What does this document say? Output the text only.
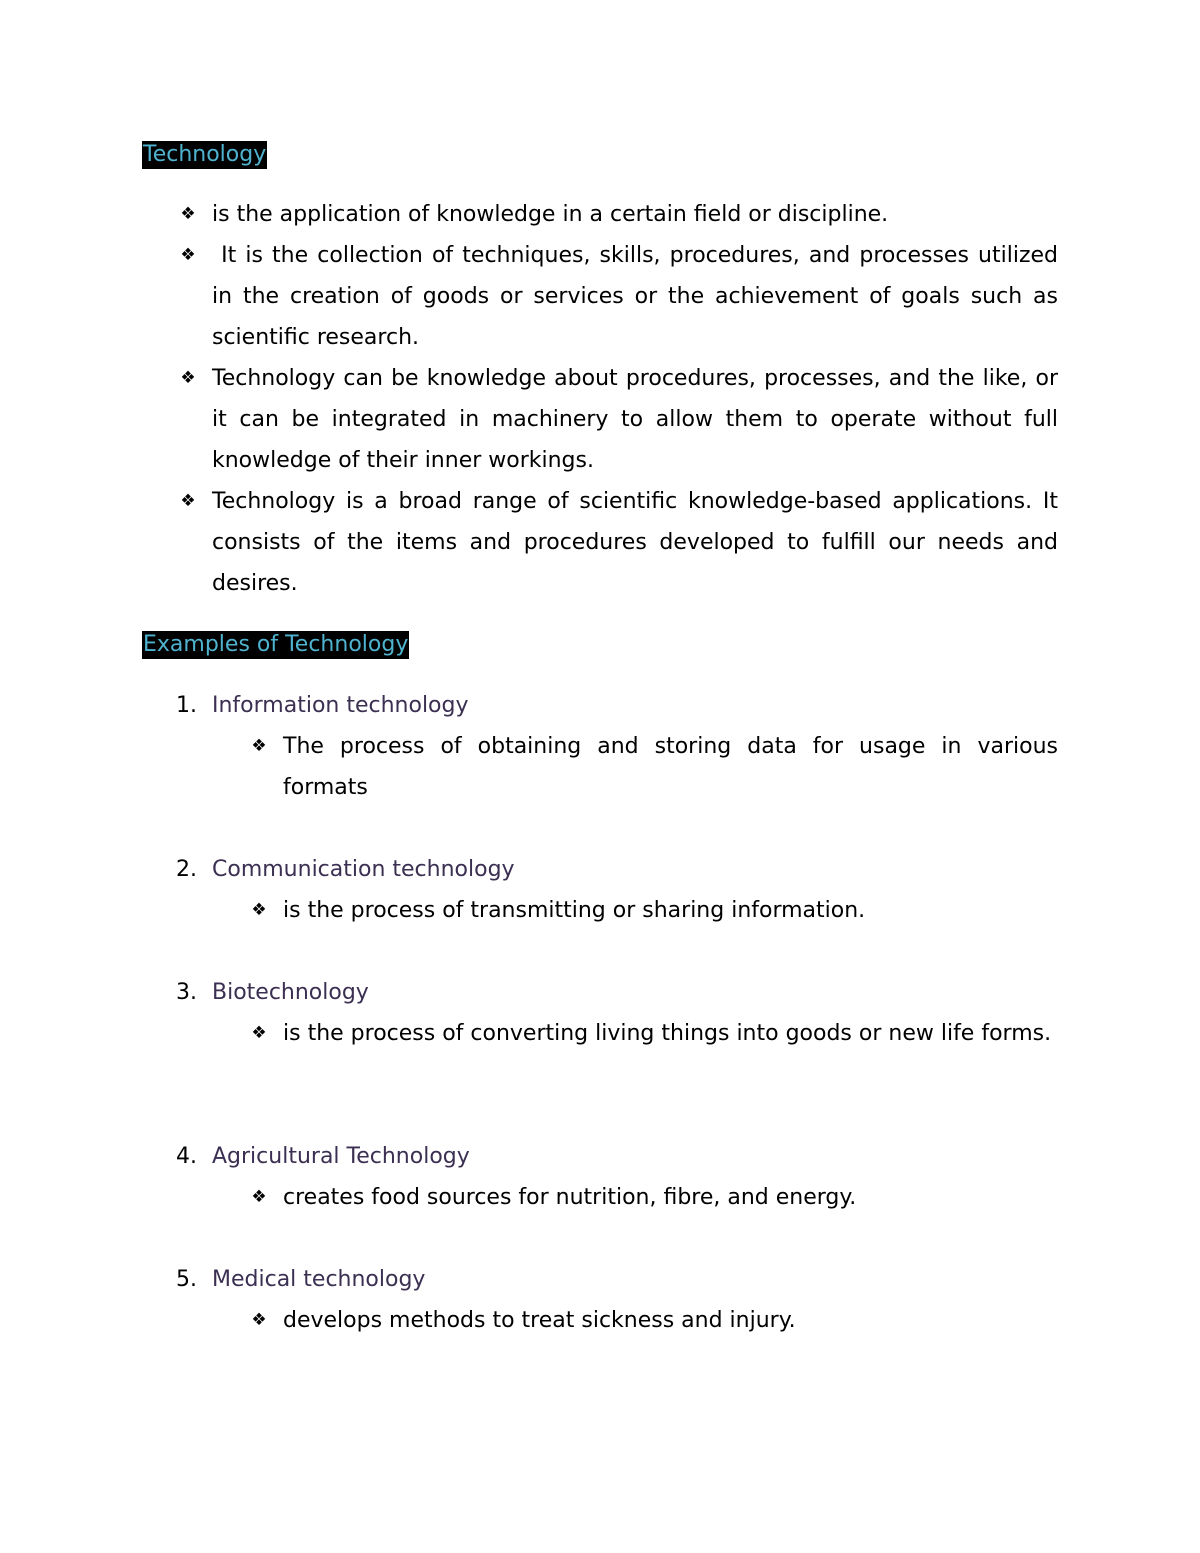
Technology
❖ is the application of knowledge in a certain field or discipline.
❖ It is the collection of techniques, skills, procedures, and processes utilized in the creation of goods or services or the achievement of goals such as scientific research.
❖ Technology can be knowledge about procedures, processes, and the like, or it can be integrated in machinery to allow them to operate without full knowledge of their inner workings.
❖ Technology is a broad range of scientific knowledge-based applications. It consists of the items and procedures developed to fulfill our needs and desires.
Examples of Technology
1. Information technology
❖ The process of obtaining and storing data for usage in various formats
2. Communication technology
❖ is the process of transmitting or sharing information.
3. Biotechnology
❖ is the process of converting living things into goods or new life forms.
4. Agricultural Technology
❖ creates food sources for nutrition, fibre, and energy.
5. Medical technology
❖ develops methods to treat sickness and injury.
